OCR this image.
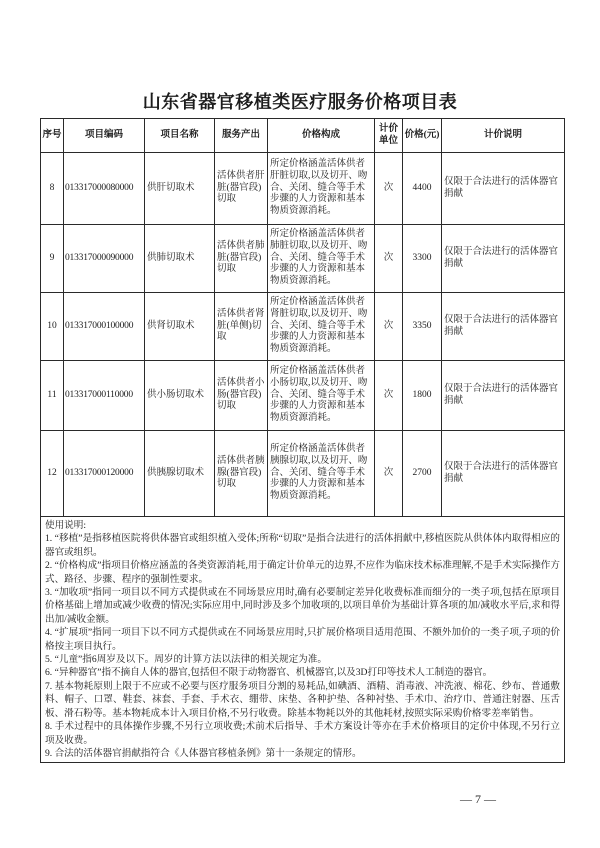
山东省器官移植类医疗服务价格项目表
序号	项目编码	项目名称	服务产出	价格构成	计价单位	价格(元)	计价说明
8	013317000080000	供肝切取术	活体供者肝脏(器官段)切取	所定价格涵盖活体供者肝脏切取,以及切开、吻合、关闭、缝合等手术步骤的人力资源和基本物质资源消耗。	次	4400	仅限于合法进行的活体器官捐献
9	013317000090000	供肺切取术	活体供者肺脏(器官段)切取	所定价格涵盖活体供者肺脏切取,以及切开、吻合、关闭、缝合等手术步骤的人力资源和基本物质资源消耗。	次	3300	仅限于合法进行的活体器官捐献
10	013317000100000	供肾切取术	活体供者肾脏(单侧)切取	所定价格涵盖活体供者肾脏切取,以及切开、吻合、关闭、缝合等手术步骤的人力资源和基本物质资源消耗。	次	3350	仅限于合法进行的活体器官捐献
11	013317000110000	供小肠切取术	活体供者小肠(器官段)切取	所定价格涵盖活体供者小肠切取,以及切开、吻合、关闭、缝合等手术步骤的人力资源和基本物质资源消耗。	次	1800	仅限于合法进行的活体器官捐献
12	013317000120000	供胰腺切取术	活体供者胰腺(器官段)切取	所定价格涵盖活体供者胰腺切取,以及切开、吻合、关闭、缝合等手术步骤的人力资源和基本物质资源消耗。	次	2700	仅限于合法进行的活体器官捐献

使用说明:
1. “移植”是指移植医院将供体器官或组织植入受体;所称“切取”是指合法进行的活体捐献中,移植医院从供体体内取得相应的器官或组织。
2. “价格构成”指项目价格应涵盖的各类资源消耗,用于确定计价单元的边界,不应作为临床技术标准理解,不是手术实际操作方式、路径、步骤、程序的强制性要求。
3. “加收项”指同一项目以不同方式提供或在不同场景应用时,确有必要制定差异化收费标准而细分的一类子项,包括在原项目价格基础上增加或减少收费的情况;实际应用中,同时涉及多个加收项的,以项目单价为基础计算各项的加/减收水平后,求和得出加/减收金额。
4. “扩展项”指同一项目下以不同方式提供或在不同场景应用时,只扩展价格项目适用范围、不额外加价的一类子项,子项的价格按主项目执行。
5. “儿童”指6周岁及以下。周岁的计算方法以法律的相关规定为准。
6. “异种器官”指不摘自人体的器官,包括但不限于动物器官、机械器官,以及3D打印等技术人工制造的器官。
7. 基本物耗原则上限于不应或不必要与医疗服务项目分割的易耗品,如碘酒、酒精、消毒液、冲洗液、棉花、纱布、普通敷料、帽子、口罩、鞋套、袜套、手套、手术衣、绷带、床垫、各种护垫、各种衬垫、手术巾、治疗巾、普通注射器、压舌板、滑石粉等。基本物耗成本计入项目价格,不另行收费。除基本物耗以外的其他耗材,按照实际采购价格零差率销售。
8. 手术过程中的具体操作步骤,不另行立项收费;术前术后指导、手术方案设计等亦在手术价格项目的定价中体现,不另行立项及收费。
9. 合法的活体器官捐献指符合《人体器官移植条例》第十一条规定的情形。
— 7 —
